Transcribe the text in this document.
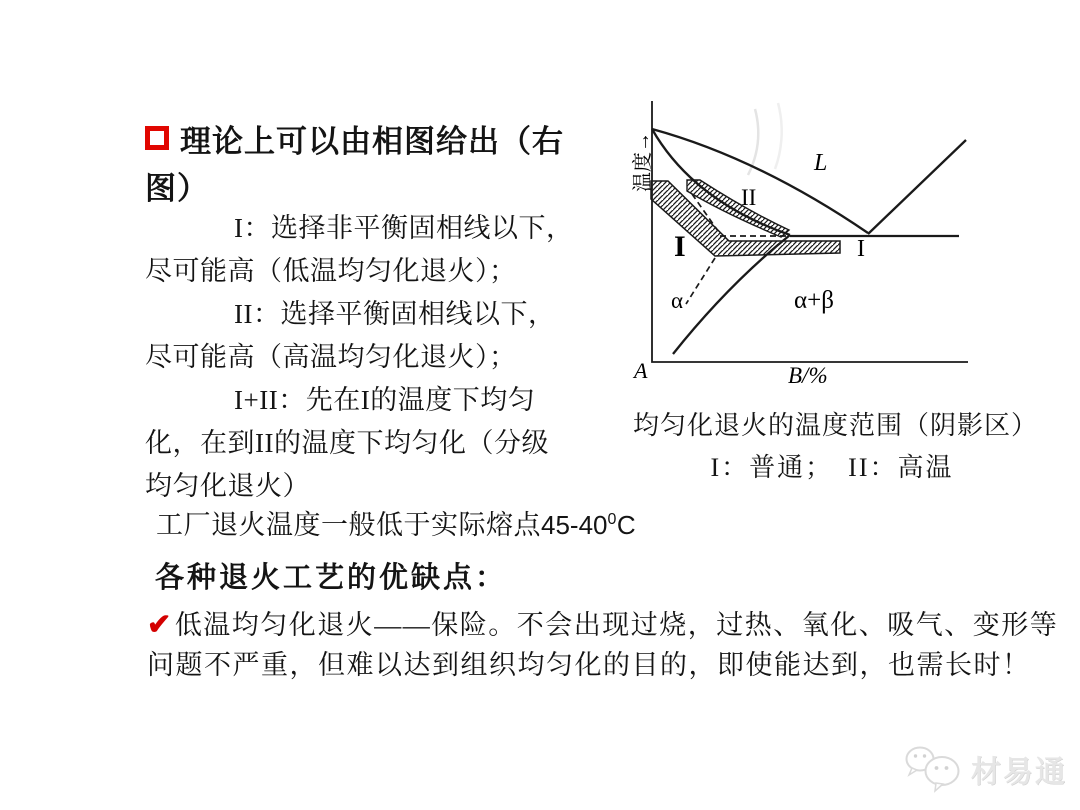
理论上可以由相图给出（右
图）
I：选择非平衡固相线以下，
尽可能高（低温均匀化退火）；
II：选择平衡固相线以下，
尽可能高（高温均匀化退火）；
I+II：先在I的温度下均匀
化，在到II的温度下均匀化（分级
均匀化退火）
工厂退火温度一般低于实际熔点$45-40^0C$
各种退火工艺的优缺点：
✔低温均匀化退火——保险。不会出现过烧，过热、氧化、吸气、变形等
问题不严重，但难以达到组织均匀化的目的，即使能达到，也需长时！
温度→	L
II
I	I
α	α+β
A	B/%
均匀化退火的温度范围（阴影区）
I：普通；　II：高温
材易通
